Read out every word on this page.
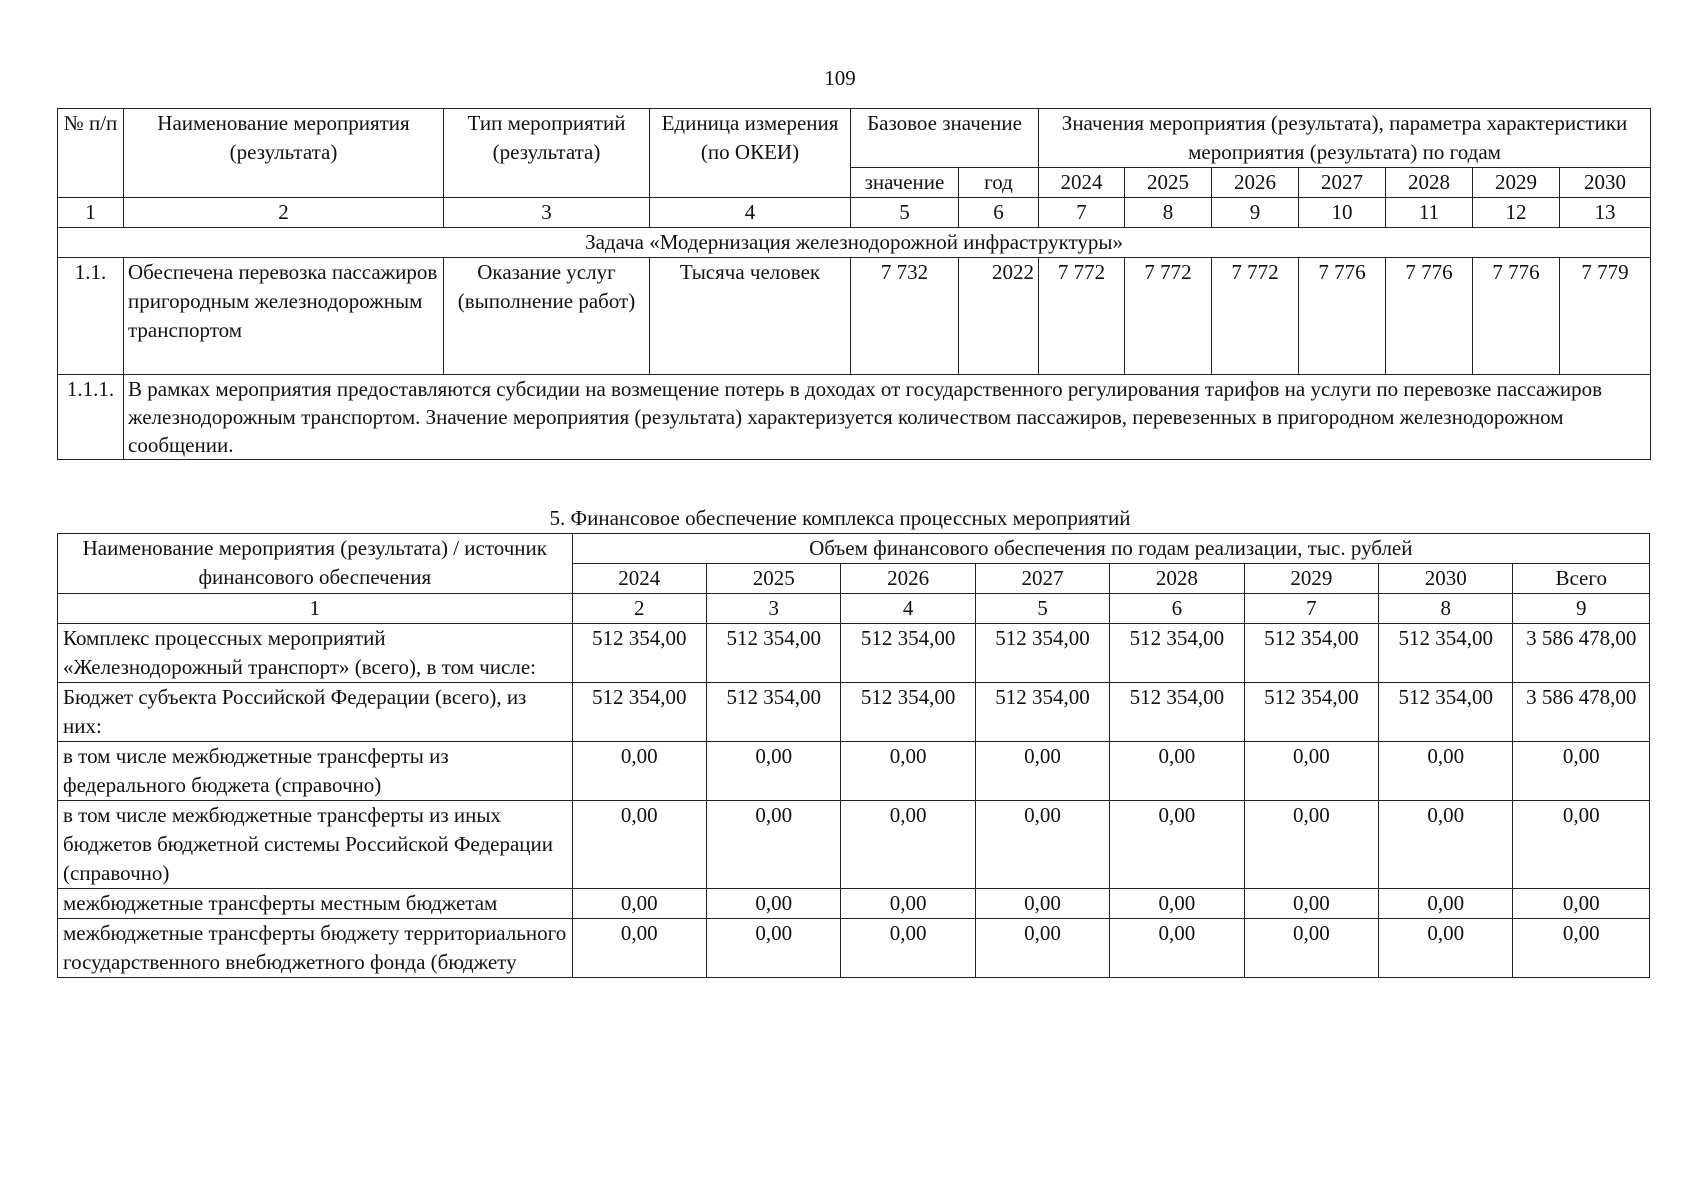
109
№ п/п	Наименование мероприятия (результата)	Тип мероприятий (результата)	Единица измерения (по ОКЕИ)	Базовое значение		Значения мероприятия (результата), параметра характеристики мероприятия (результата) по годам						

				значение	год	2024	2025	2026	2027	2028	2029	2030
1	2	3	4	5	6	7	8	9	10	11	12	13
Задача «Модернизация железнодорожной инфраструктуры»												
1.1.	Обеспечена перевозка пассажиров пригородным железнодорожным транспортом	Оказание услуг (выполнение работ)	Тысяча человек	7 732	2022	7 772	7 772	7 772	7 776	7 776	7 776	7 779
1.1.1.	В рамках мероприятия предоставляются субсидии на возмещение потерь в доходах от государственного регулирования тарифов на услуги по перевозке пассажиров железнодорожным транспортом. Значение мероприятия (результата) характеризуется количеством пассажиров, перевезенных в пригородном железнодорожном сообщении.											
5. Финансовое обеспечение комплекса процессных мероприятий
Наименование мероприятия (результата) / источник финансового обеспечения	Объем финансового обеспечения по годам реализации, тыс. рублей							
	2024	2025	2026	2027	2028	2029	2030	Всего
1	2	3	4	5	6	7	8	9
Комплекс процессных мероприятий «Железнодорожный транспорт» (всего), в том числе:	512 354,00	512 354,00	512 354,00	512 354,00	512 354,00	512 354,00	512 354,00	3 586 478,00
Бюджет субъекта Российской Федерации (всего), из них:	512 354,00	512 354,00	512 354,00	512 354,00	512 354,00	512 354,00	512 354,00	3 586 478,00
в том числе межбюджетные трансферты из федерального бюджета (справочно)	0,00	0,00	0,00	0,00	0,00	0,00	0,00	0,00
в том числе межбюджетные трансферты из иных бюджетов бюджетной системы Российской Федерации (справочно)	0,00	0,00	0,00	0,00	0,00	0,00	0,00	0,00
межбюджетные трансферты местным бюджетам	0,00	0,00	0,00	0,00	0,00	0,00	0,00	0,00
межбюджетные трансферты бюджету территориального государственного внебюджетного фонда (бюджету	0,00	0,00	0,00	0,00	0,00	0,00	0,00	0,00
